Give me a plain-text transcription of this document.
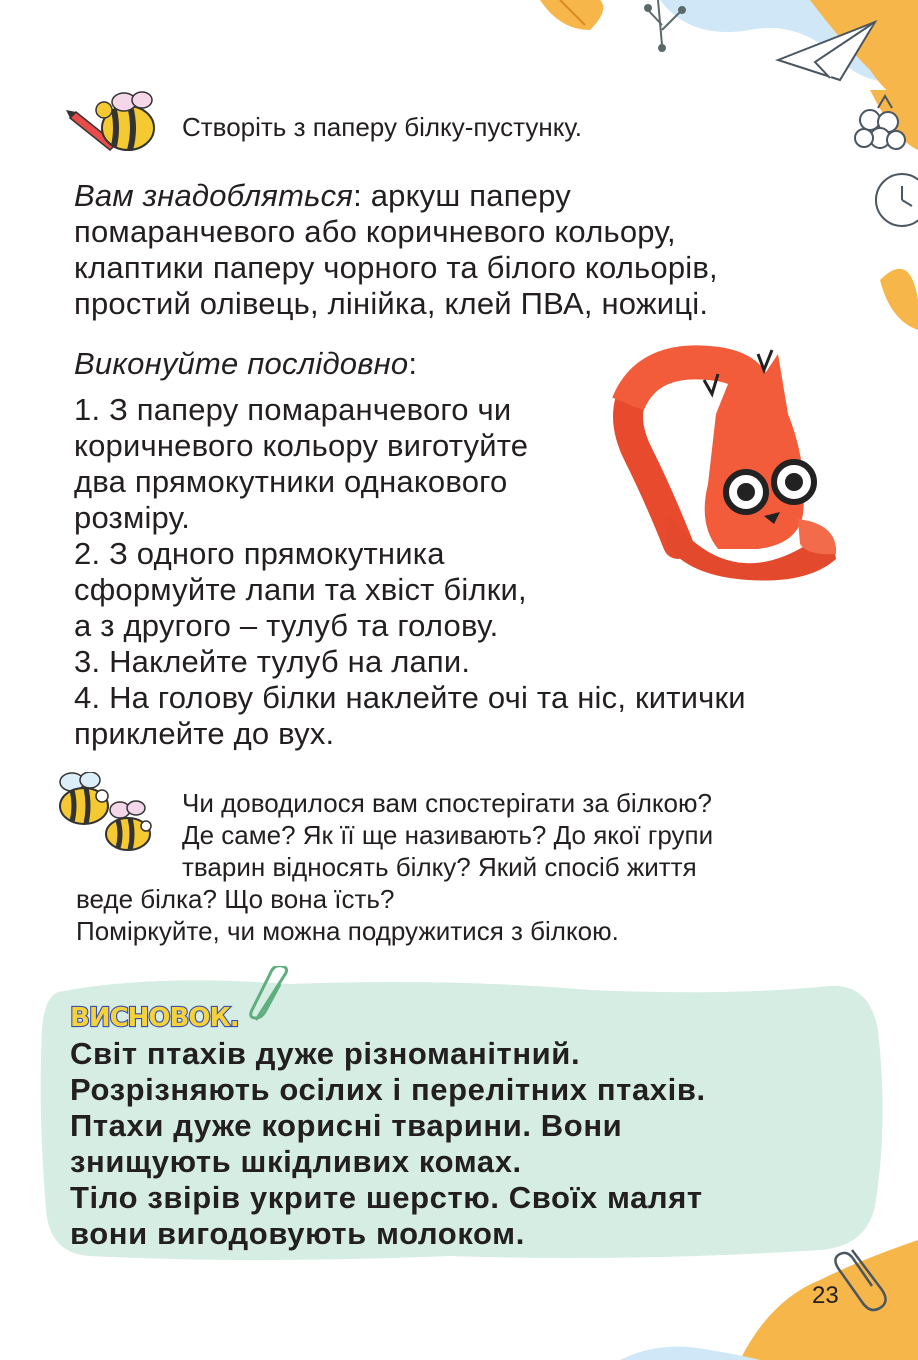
Створіть з паперу білку-пустунку.
Вам знадобляться: аркуш паперу
помаранчевого або коричневого кольору,
клаптики паперу чорного та білого кольорів,
простий олівець, лінійка, клей ПВА, ножиці.
Виконуйте послідовно:
1. З паперу помаранчевого чи
коричневого кольору виготуйте
два прямокутники однакового
розміру.
2. З одного прямокутника
сформуйте лапи та хвіст білки,
а з другого – тулуб та голову.
3. Наклейте тулуб на лапи.
4. На голову білки наклейте очі та ніс, китички
приклейте до вух.
Чи доводилося вам спостерігати за білкою?
Де саме? Як її ще називають? До якої групи
тварин відносять білку? Який спосіб життя
веде білка? Що вона їсть?
Поміркуйте, чи можна подружитися з білкою.
ВИСНОВОК.
Світ птахів дуже різноманітний.
Розрізняють осілих і перелітних птахів.
Птахи дуже корисні тварини. Вони
знищують шкідливих комах.
Тіло звірів укрите шерстю. Своїх малят
вони вигодовують молоком.
23
